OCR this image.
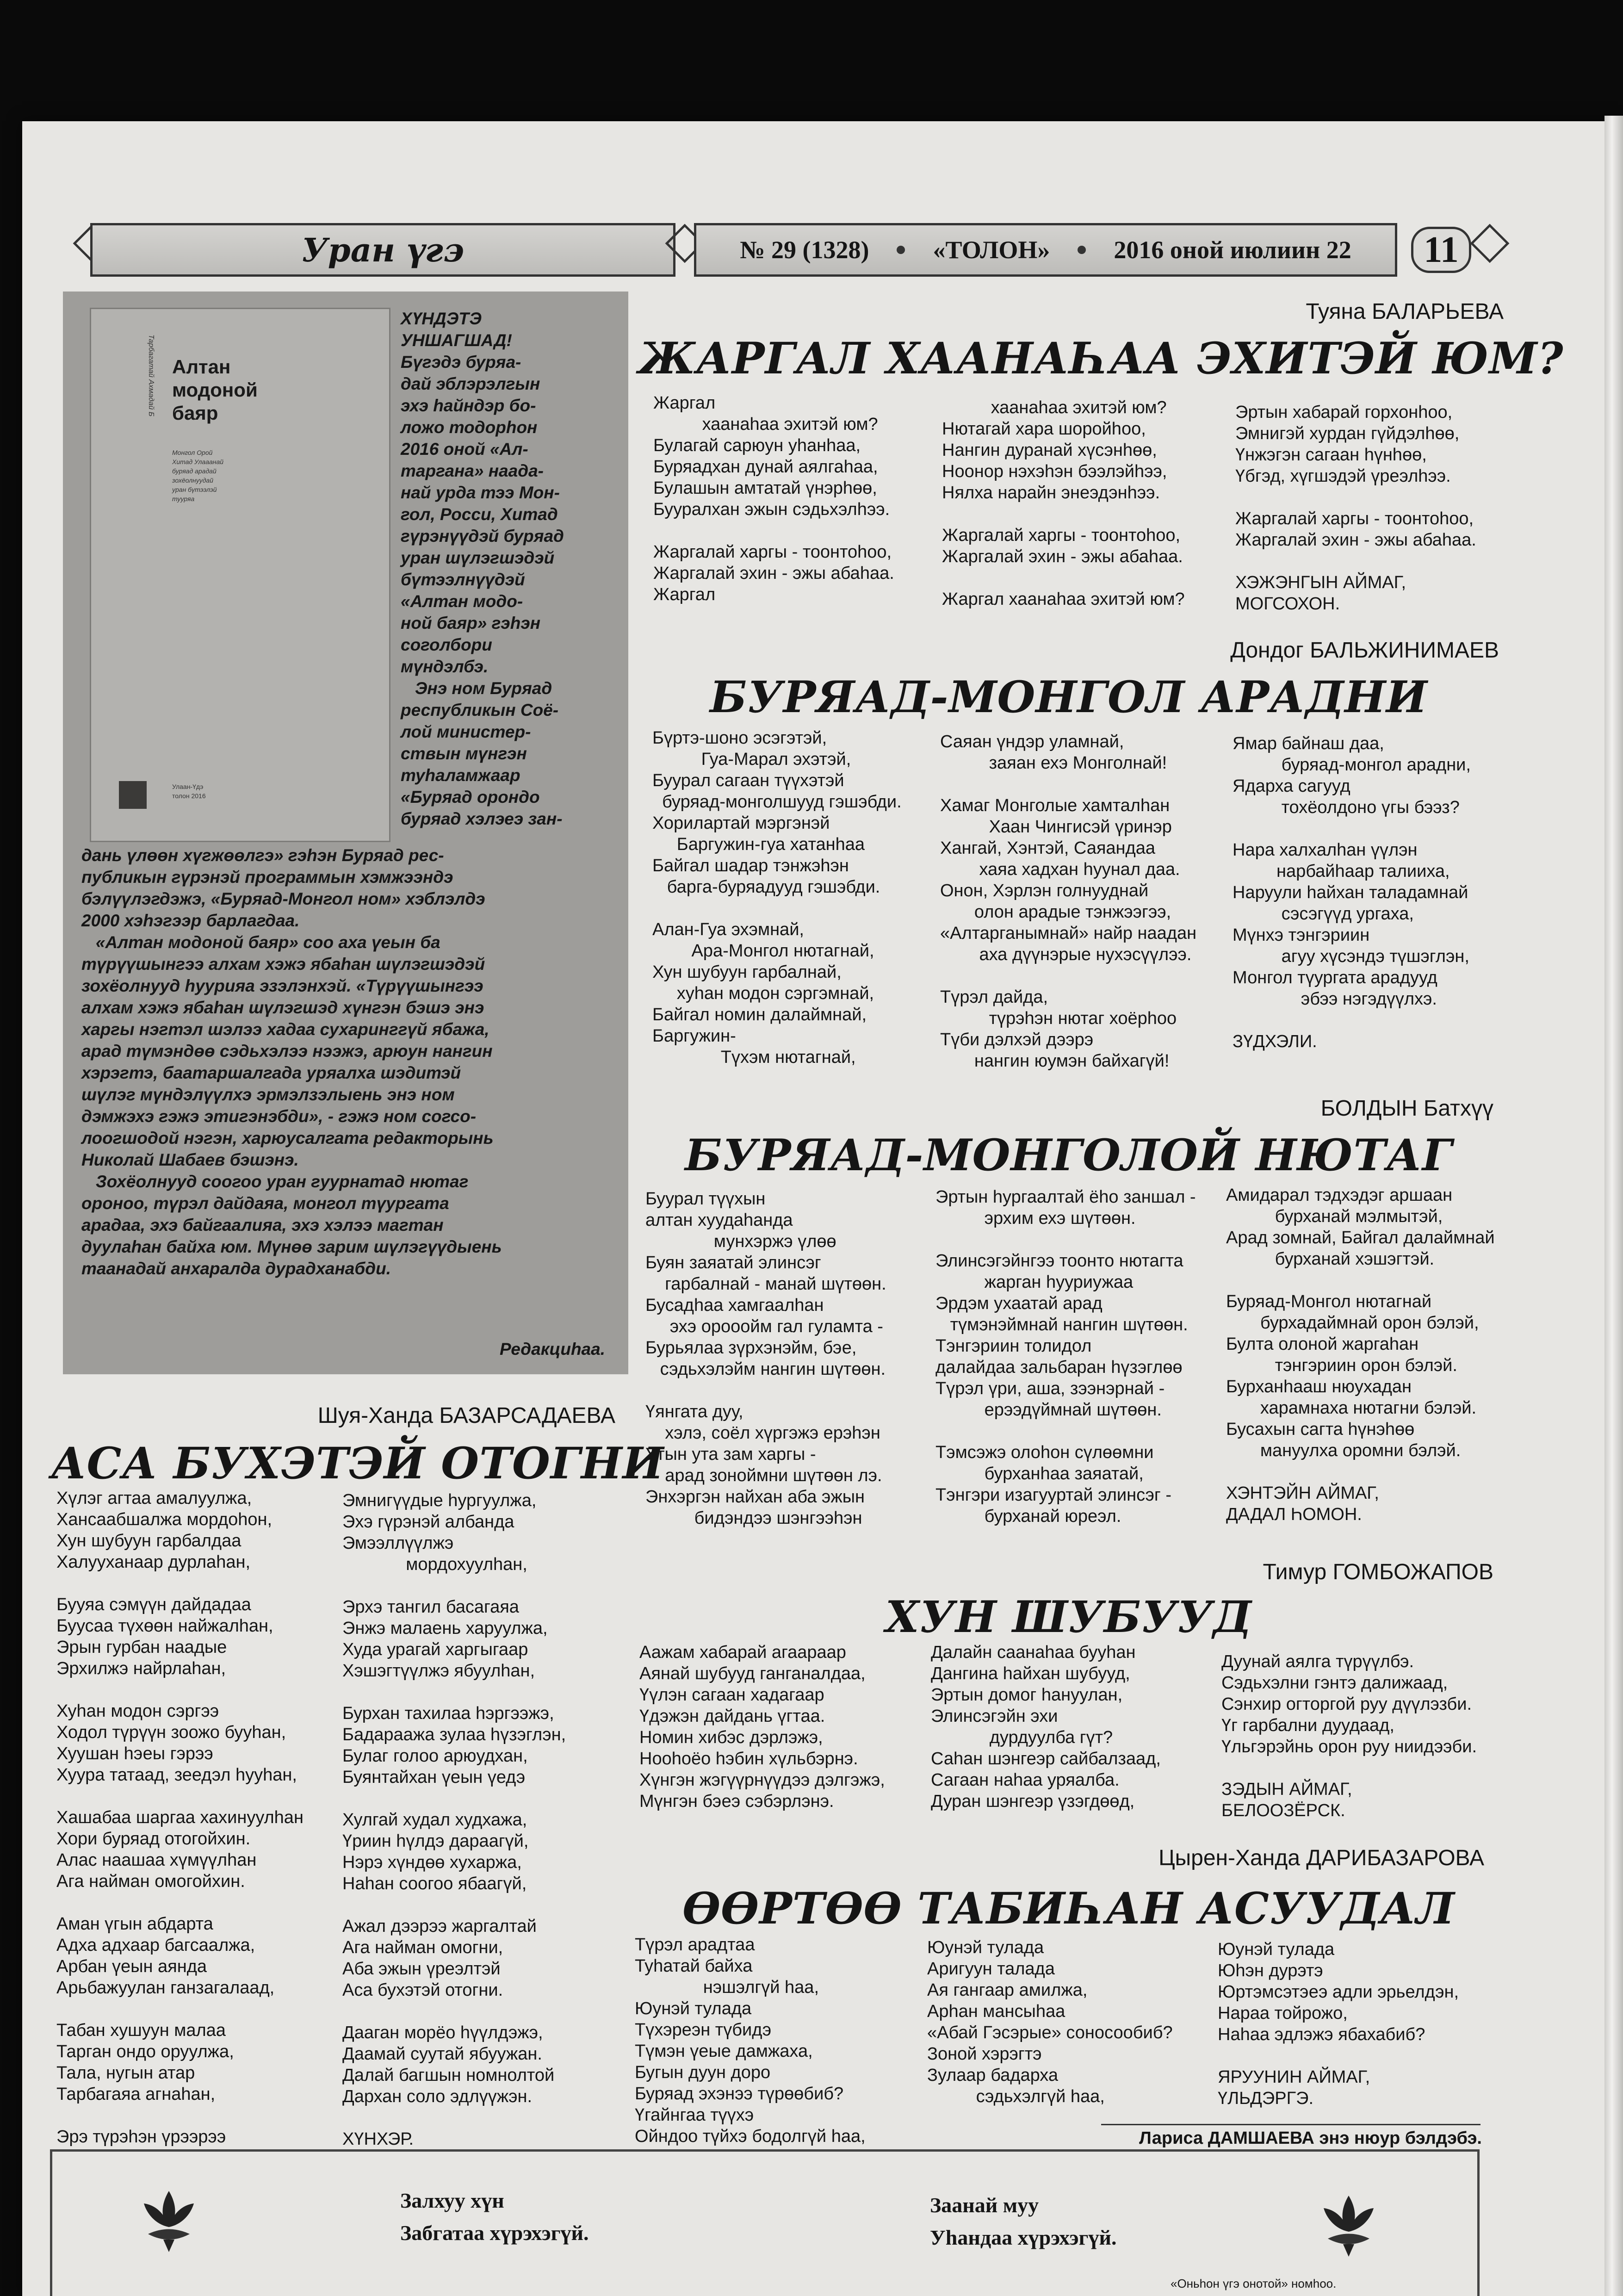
Уран үгэ	№ 29 (1328)	«ТОЛОН»	2016 оной июлиин 22	11
Тарбагатай Ахмадай Б Алтан
модоной
баяр
Монгол Орой
Хитад Улааанай
буряад арадай
зохёолнуудай
уран бүтээлэй
тууряа
Улаан-Үдэ
толон 2016
ХҮНДЭТЭ
УНШАГШАД!
Бүгэдэ буряа-
дай эблэрэлгын
эхэ һайндэр бо-
ложо тодорһон
2016 оной «Ал-
таргана» наада-
най урда тээ Мон-
гол, Росси, Хитад
гүрэнүүдэй буряад
уран шүлэгшэдэй
бүтээлнүүдэй
«Алтан модо-
ной баяр» гэһэн
соголбори
мүндэлбэ.
Энэ ном Буряад
республикын Соё-
лой министер-
ствын мүнгэн
туһаламжаар
«Буряад орондо
буряад хэлэеэ зан-
дань үлөөн хүгжөөлгэ» гэһэн Буряад рес-
публикын гүрэнэй программын хэмжээндэ
бэлүүлэгдэжэ, «Буряад-Монгол ном» хэблэлдэ
2000 хэһэгээр барлагдаа.
«Алтан модоной баяр» соо аха үеын ба
түрүүшынгээ алхам хэжэ ябаһан шүлэгшэдэй
зохёолнууд hуурияа эзэлэнхэй. «Түрүүшынгээ
алхам хэжэ ябаһан шүлэгшэд хүнгэн бэшэ энэ
харгы нэгтэл шэлээ хадаа сухаринггүй ябажа,
арад түмэндөө сэдьхэлээ нээжэ, арюун нангин
хэрэгтэ, баатаршалгада уряалха шэдитэй
шүлэг мүндэлүүлхэ эрмэлзэлыень энэ ном
дэмжэхэ гэжэ этигэнэбди», - гэжэ ном согсо-
лоогшодой нэгэн, харюусалгата редакторынь
Николай Шабаев бэшэнэ.
Зохёолнууд соогоо уран гуурнатад нютаг
ороноо, түрэл дайдаяа, монгол түургата
арадаа, эхэ байгаалияа, эхэ хэлээ магтан
дуулаһан байха юм. Мүнөө зарим шүлэгүүдыень
таанадай анхаралда дурадханабди.
Редакциһаа.
Туяна БАЛАРЬЕВА
ЖАРГАЛ ХААНАҺАА ЭХИТЭЙ ЮМ?
Жаргал
хаанаһаа эхитэй юм?
Булагай сарюун уһанһаа,
Буряадхан дунай аялгаһаа,
Булашын амтатай үнэрһөө,
Бууралхан эжын сэдьхэлһээ.

Жаргалай харгы - тоонтоһоо,
Жаргалай эхин - эжы абаһаа.
Жаргал
хаанаһаа эхитэй юм?
Нютагай хара шоройһоо,
Нангин дуранай хүсэнһөө,
Ноонор нэхэһэн бээлэйһээ,
Нялха нарайн энеэдэнһээ.

Жаргалай харгы - тоонтоһоо,
Жаргалай эхин - эжы абаһаа.

Жаргал хаанаһаа эхитэй юм?
Эртын хабарай горхонһоо,
Эмнигэй хурдан гүйдэлһөө,
Үнжэгэн сагаан һүнһөө,
Үбгэд, хүгшэдэй үреэлһээ.

Жаргалай харгы - тоонтоһоо,
Жаргалай эхин - эжы абаһаа.

ХЭЖЭНГЫН АЙМАГ,
МОГСОХОН.
Дондог БАЛЬЖИНИМАЕВ
БУРЯАД-МОНГОЛ АРАДНИ
Бүртэ-шоно эсэгэтэй,
Гуа-Марал эхэтэй,
Буурал сагаан түүхэтэй
буряад-монголшууд гэшэбди.
Хорилартай мэргэнэй
Баргужин-гуа хатанһаа
Байгал шадар тэнжэһэн
барга-буряадууд гэшэбди.

Алан-Гуа эхэмнай,
Ара-Монгол нютагнай,
Хун шубуун гарбалнай,
хуһан модон сэргэмнай,
Байгал номин далаймнай,
Баргужин-
Түхэм нютагнай,
Саяан үндэр уламнай,
заяан ехэ Монголнай!

Хамаг Монголые хамталһан
Хаан Чингисэй үринэр
Хангай, Хэнтэй, Саяандаа
хаяа хадхан һуунал даа.
Онон, Хэрлэн голнууднай
олон арадые тэнжээгээ,
«Алтарганымнай» найр наадан
аха дүүнэрые нухэсүүлээ.

Түрэл дайда,
түрэһэн нютаг хоёрһоо
Түби дэлхэй дээрэ
нангин юумэн байхагүй!
Ямар байнаш даа,
буряад-монгол арадни,
Ядарха сагууд
тохёолдоно үгы бээз?

Нара халхалһан үүлэн
нарбайһаар талииха,
Наруули һайхан таладамнай
сэсэгүүд ургаха,
Мүнхэ тэнгэриин
агуу хүсэндэ түшэглэн,
Монгол түургата арадууд
эбээ нэгэдүүлхэ.

ЗҮДХЭЛИ.
БОЛДЫН Батхүү
БУРЯАД-МОНГОЛОЙ НЮТАГ
Буурал түүхын
алтан хуудаһанда
мунхэржэ үлөө
Буян заяатай элинсэг
гарбалнай - манай шүтөөн.
Бусадһаа хамгаалһан
эхэ орооойм гал гуламта -
Бурьялаа зүрхэнэйм, бэе,
сэдьхэлэйм нангин шүтөөн.

Үянгата дуу,
хэлэ, соёл хүргэжэ ерэһэн
Утын ута зам харгы -
арад зоноймни шүтөөн лэ.
Энхэргэн найхан аба эжын
бидэндээ шэнгээһэн
Эртын һургаалтай ёһо заншал -
эрхим ехэ шүтөөн.

Элинсэгэйнгээ тоонто нютагта
жарган һууриужаа
Эрдэм ухаатай арад
түмэнэймнай нангин шүтөөн.
Тэнгэриин толидол
далайдаа зальбаран һүзэглөө
Түрэл үри, аша, зээнэрнай -
ерээдүймнай шүтөөн.

Тэмсэжэ олоһон сүлөөмни
бурханһаа заяатай,
Тэнгэри изагууртай элинсэг -
бурханай юреэл.
Амидарал тэдхэдэг аршаан
бурханай мэлмытэй,
Арад зомнай, Байгал далаймнай
бурханай хэшэгтэй.

Буряад-Монгол нютагнай
бурхадаймнай орон бэлэй,
Булта олоной жаргаһан
тэнгэриин орон бэлэй.
Бурханһааш нюухадан
харамнаха нютагни бэлэй.
Бусахын сагта һүнэһөө
мануулха оромни бэлэй.

ХЭНТЭЙН АЙМАГ,
ДАДАЛ ҺОМОН.
Шуя-Ханда БАЗАРСАДАЕВА
АСА БУХЭТЭЙ ОТОГНИ
Хүлэг агтаа амалуулжа,
Хансаабшалжа мордоһон,
Хун шубуун гарбалдаа
Халууханаар дурлаһан,

Бууяа сэмүүн дайдадаа
Буусаа түхөөн найжалһан,
Эрын гурбан наадые
Эрхилжэ найрлаһан,

Хуһан модон сэргээ
Ходол түрүүн зоожо бууһан,
Хуушан һэеы гэрээ
Хуура татаад, зеедэл һууһан,

Хашабаа шаргаа хахинуулһан
Хори буряад отогойхин.
Алас наашаа хүмүүлһан
Ага найман омогойхин.

Аман үгын абдарта
Адха адхаар багсаалжа,
Арбан үеын аянда
Арьбажуулан ганзагалаад,

Табан хушуун малаа
Тарган ондо оруулжа,
Тала, нугын атар
Тарбагаяа агнаһан,

Эрэ түрэһэн үрээрээ
Эмнигүүдые һургуулжа,
Эхэ гүрэнэй албанда
Эмээллүүлжэ
мордохуулһан,

Эрхэ тангил басагаяа
Энжэ малаень харуулжа,
Худа урагай харгыгаар
Хэшэгтүүлжэ ябуулһан,

Бурхан тахилаа һэргээжэ,
Бадараажа зулаа һүзэглэн,
Булаг голоо арюудхан,
Буянтайхан үеын үедэ

Хулгай худал худхажа,
Үриин һүлдэ дараагүй,
Нэрэ хүндөө хухаржа,
Наһан соогоо ябаагүй,

Ажал дээрээ жаргалтай
Ага найман омогни,
Аба эжын үреэлтэй
Аса бухэтэй отогни.

Дааган морёо һүүлдэжэ,
Даамай суутай ябуужан.
Далай багшын номнолтой
Дархан соло эдлүүжэн.

ХҮНХЭР.
Тимур ГОМБОЖАПОВ
ХУН ШУБУУД
Аажам хабарай агаараар
Аянай шубууд ганганалдаа,
Үүлэн сагаан хадагаар
Үдэжэн дайдань үгтаа.
Номин хибэс дэрлэжэ,
Нооһоёо һэбин хүльбэрнэ.
Хүнгэн жэгүүрнүүдээ дэлгэжэ,
Мүнгэн бэеэ сэбэрлэнэ.
Далайн саанаһаа бууһан
Дангина һайхан шубууд,
Эртын домог һануулан,
Элинсэгэйн эхи
дурдуулба гүт?
Саһан шэнгеэр сайбалзаад,
Сагаан наһаа уряалба.
Дуран шэнгеэр үзэгдөөд,
Дуунай аялга түрүүлбэ.
Сэдьхэлни гэнтэ далижаад,
Сэнхир огторгой руу дүүлэзби.
Үг гарбални дуудаад,
Үльгэрэйнь орон руу ниидээби.

ЗЭДЫН АЙМАГ,
БЕЛООЗЁРСК.
Цырен-Ханда ДАРИБАЗАРОВА
ӨӨРТӨӨ ТАБИҺАН АСУУДАЛ
Түрэл арадтаа
Туһатай байха
нэшэлгүй һаа,
Юунэй тулада
Түхэреэн түбидэ
Түмэн үеые дамжаха,
Бугын дуун доро
Буряад эхэнээ түрөөбиб?
Үгайнгаа түүхэ
Ойндоо түйхэ бодолгүй һаа,
Юунэй тулада
Аригуун талада
Ая гангаар амилжа,
Арһан мансыһаа
«Абай Гэсэрые» соносообиб?
Зоной хэрэгтэ
Зулаар бадарха
сэдьхэлгүй һаа,
Юунэй тулада
Юһэн дурэтэ
Юртэмсэтэеэ адли эрьелдэн,
Нараа тойрожо,
Наһаа эдлэжэ ябахабиб?

ЯРУУНИН АЙМАГ,
ҮЛЬДЭРГЭ.
Лариса ДАМШАЕВА энэ нюур бэлдэбэ.
Залхуу хүн
Забгатаа хүрэхэгүй.
Заанай муу
Уһандаа хүрэхэгүй.
«Оньһон үгэ онотой» номһоо.
